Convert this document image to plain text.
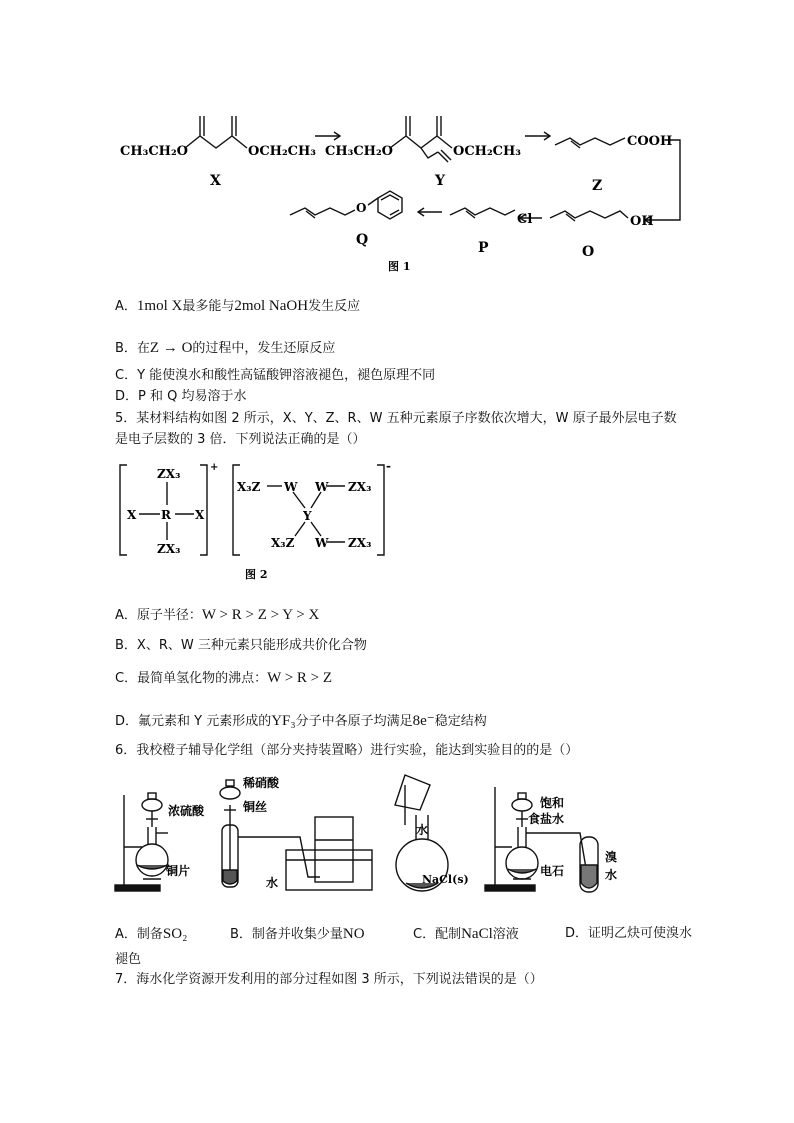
CH₃CH₂O	OCH₂CH₃
X
CH₃CH₂O	OCH₂CH₃
Y
COOH
Z
OH
O
Cl
P
O
Q
图 1
A．1mol X最多能与2mol NaOH发生反应
B．在Z → O的过程中，发生还原反应
C．Y 能使溴水和酸性高锰酸钾溶液褪色，褪色原理不同
D．P 和 Q 均易溶于水
5．某材料结构如图 2 所示，X、Y、Z、R、W 五种元素原子序数依次增大，W 原子最外层电子数
是电子层数的 3 倍．下列说法正确的是（）
ZX₃
ZX₃
X	X
R
+
X₃Z W W ZX₃
Y
X₃Z W ZX₃
-
图 2
A．原子半径：W > R > Z > Y > X
B．X、R、W 三种元素只能形成共价化合物
C．最简单氢化物的沸点：W > R > Z
D．氟元素和 Y 元素形成的YF₃分子中各原子均满足8e⁻稳定结构
6．我校橙子辅导化学组（部分夹持装置略）进行实验，能达到实验目的的是（）
浓硫酸
铜片
稀硝酸
铜丝
水
水
NaCl(s)
饱和
食盐水
电石
溴
水
A．制备SO₂	B．制备并收集少量NO	C．配制NaCl溶液	D．证明乙炔可使溴水
褪色
7．海水化学资源开发利用的部分过程如图 3 所示，下列说法错误的是（）
